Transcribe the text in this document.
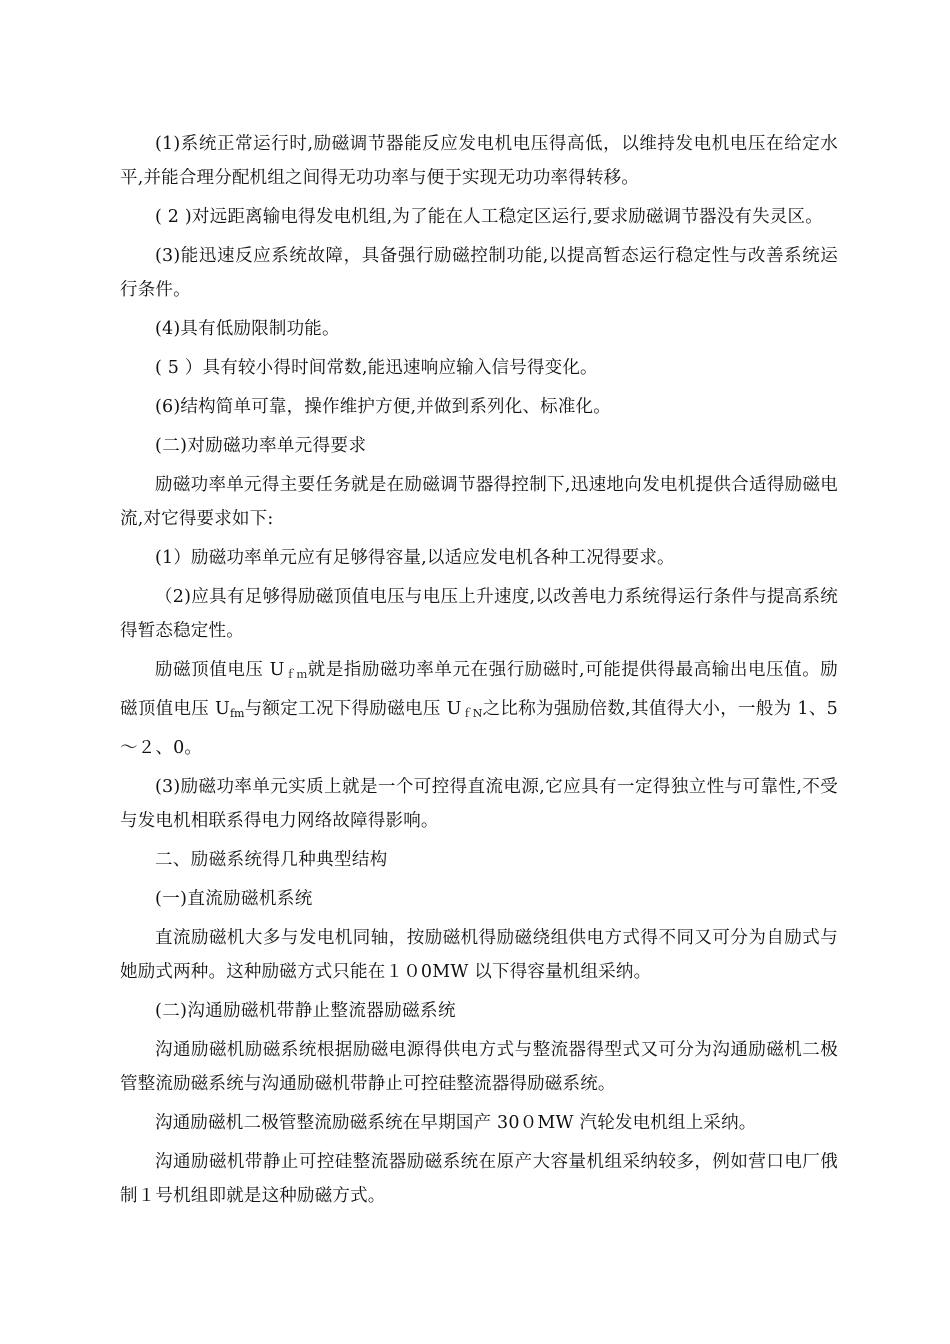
(1)系统正常运行时,励磁调节器能反应发电机电压得高低，以维持发电机电压在给定水平,并能合理分配机组之间得无功功率与便于实现无功功率得转移。

( 2 )对远距离输电得发电机组,为了能在人工稳定区运行,要求励磁调节器没有失灵区。

(3)能迅速反应系统故障，具备强行励磁控制功能,以提高暂态运行稳定性与改善系统运行条件。

(4)具有低励限制功能。

( 5 ）具有较小得时间常数,能迅速响应输入信号得变化。

(6)结构简单可靠，操作维护方便,并做到系列化、标准化。

(二)对励磁功率单元得要求

励磁功率单元得主要任务就是在励磁调节器得控制下,迅速地向发电机提供合适得励磁电流,对它得要求如下:

(1）励磁功率单元应有足够得容量,以适应发电机各种工况得要求。

（2)应具有足够得励磁顶值电压与电压上升速度,以改善电力系统得运行条件与提高系统得暂态稳定性。

励磁顶值电压 $U_{fm}$就是指励磁功率单元在强行励磁时,可能提供得最高输出电压值。励磁顶值电压 $U_{fm}$与额定工况下得励磁电压 $U_{fN}$之比称为强励倍数,其值得大小，一般为 1、5～２、0。

(3)励磁功率单元实质上就是一个可控得直流电源,它应具有一定得独立性与可靠性,不受与发电机相联系得电力网络故障得影响。

二、励磁系统得几种典型结构

(一)直流励磁机系统

直流励磁机大多与发电机同轴，按励磁机得励磁绕组供电方式得不同又可分为自励式与她励式两种。这种励磁方式只能在１０0MW 以下得容量机组采纳。

(二)沟通励磁机带静止整流器励磁系统

沟通励磁机励磁系统根据励磁电源得供电方式与整流器得型式又可分为沟通励磁机二极管整流励磁系统与沟通励磁机带静止可控硅整流器得励磁系统。

沟通励磁机二极管整流励磁系统在早期国产 30０MW 汽轮发电机组上采纳。

沟通励磁机带静止可控硅整流器励磁系统在原产大容量机组采纳较多，例如营口电厂俄制１号机组即就是这种励磁方式。
